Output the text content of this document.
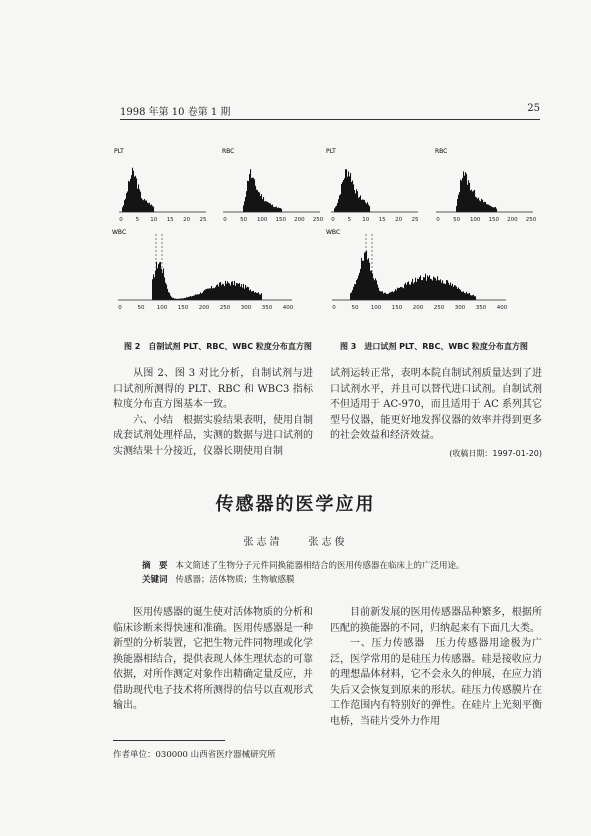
1998 年第 10 卷第 1 期	25
PLT
0 5 10 15 20 25
RBC
0 50 100 150 200 250
WBC
0	50 100 150 200 250 300 350 400
PLT
0 5 10 15 20 25
RBC
0 50 100 150 200 250
WBC
0	50 100 150 200 250 300 350 400
图 2　自制试剂 PLT、RBC、WBC 粒度分布直方图	图 3　进口试剂 PLT、RBC、WBC 粒度分布直方图

从图 2、图 3 对比分析，自制试剂与进口试剂所测得的 PLT、RBC 和 WBC3 指标粒度分布直方图基本一致。

六、小结　根据实验结果表明，使用自制成套试剂处理样品，实测的数据与进口试剂的实测结果十分接近，仪器长期使用自制

试剂运转正常，表明本院自制试剂质量达到了进口试剂水平，并且可以替代进口试剂。自制试剂不但适用于 AC-970，而且适用于 AC 系列其它型号仪器，能更好地发挥仪器的效率并得到更多的社会效益和经济效益。

(收稿日期：1997-01-20)
传感器的医学应用
张志清　　张志俊
摘　要 本文简述了生物分子元件同换能器相结合的医用传感器在临床上的广泛用途。
关键词 传感器；活体物质；生物敏感膜

医用传感器的诞生使对活体物质的分析和临床诊断来得快速和准确。医用传感器是一种新型的分析装置，它把生物元件同物理或化学换能器相结合，提供表现人体生理状态的可靠依据，对所作测定对象作出精确定量反应，并借助现代电子技术将所测得的信号以直观形式输出。

目前新发展的医用传感器品种繁多，根据所匹配的换能器的不同，归纳起来有下面几大类。

一、压力传感器　压力传感器用途极为广泛，医学常用的是硅压力传感器。硅是接收应力的理想晶体材料，它不会永久的伸展，在应力消失后又会恢复到原来的形状。硅压力传感膜片在工作范围内有特别好的弹性。在硅片上光刻平衡电桥，当硅片受外力作用

作者单位：030000 山西省医疗器械研究所
